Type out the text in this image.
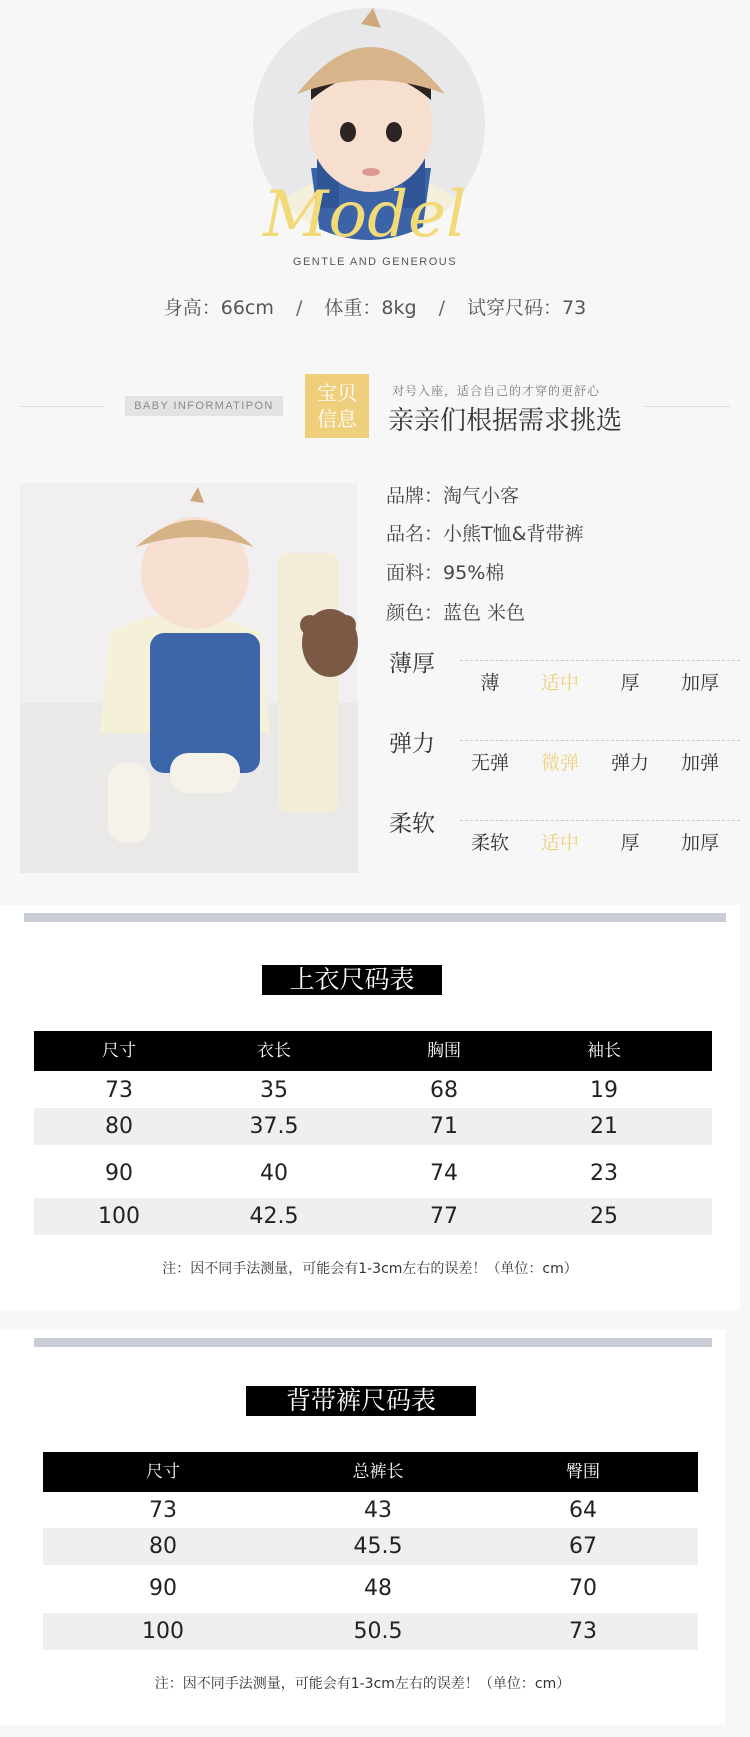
Model
GENTLE AND GENEROUS
身高：66cm / 体重：8kg / 试穿尺码：73
BABY INFORMATIPON
宝贝
信息
对号入座，适合自己的才穿的更舒心
亲亲们根据需求挑选
品牌：淘气小客
品名：小熊T恤&背带裤
面料：95%棉
颜色：蓝色 米色
薄厚
薄	适中	厚	加厚
弹力
无弹	微弹	弹力	加弹
柔软
柔软	适中	厚	加厚
上衣尺码表
尺寸	衣长	胸围	袖长
73	35	68	19
80	37.5	71	21
90	40	74	23
100	42.5	77	25
注：因不同手法测量，可能会有1-3cm左右的误差！（单位：cm）
背带裤尺码表
尺寸	总裤长	臀围
73	43	64
80	45.5	67
90	48	70
100	50.5	73
注：因不同手法测量，可能会有1-3cm左右的误差！（单位：cm）
